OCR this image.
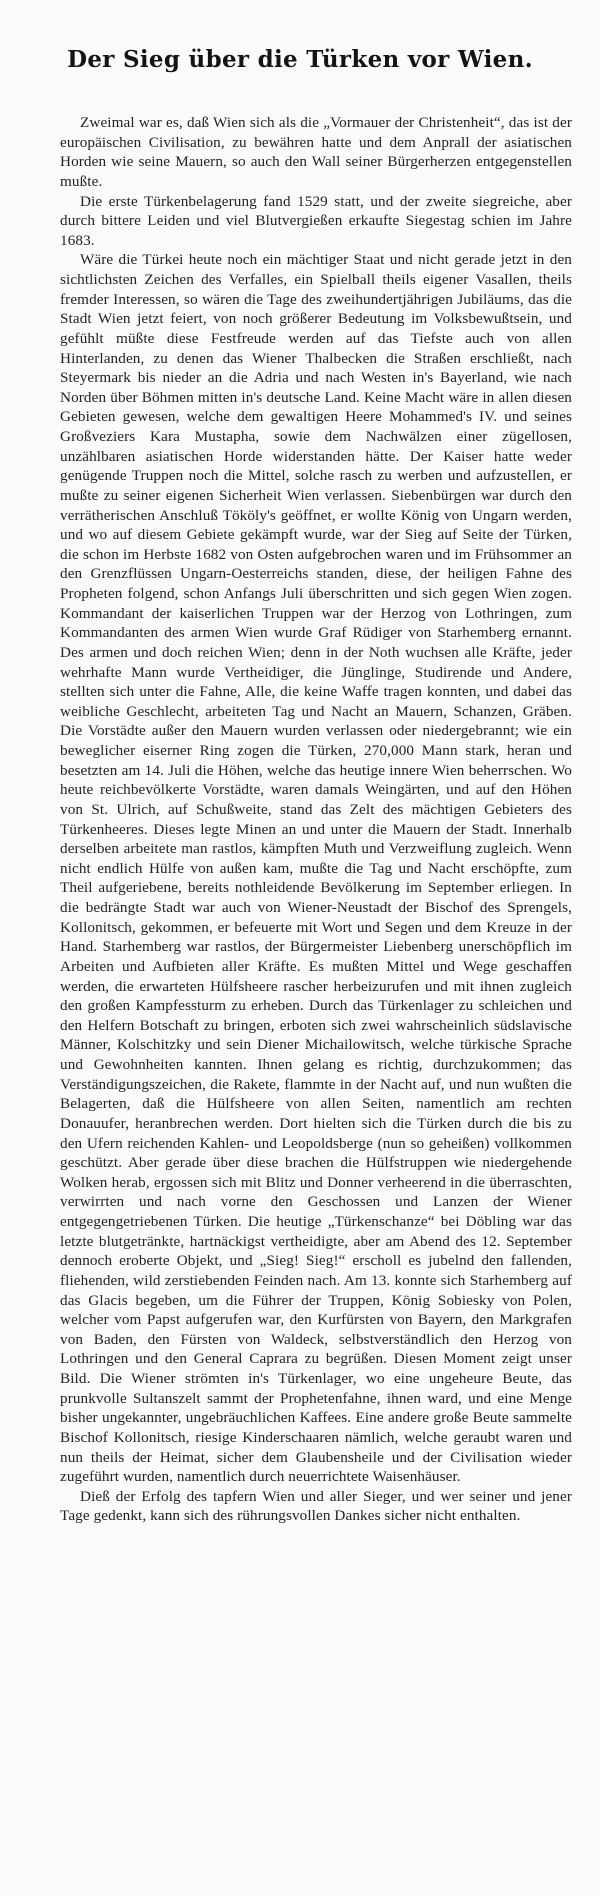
Der Sieg über die Türken vor Wien.

Zweimal war es, daß Wien sich als die „Vormauer der Christenheit“, das ist der europäischen Civilisation, zu bewähren hatte und dem Anprall der asiatischen Horden wie seine Mauern, so auch den Wall seiner Bürgerherzen entgegenstellen mußte.

Die erste Türkenbelagerung fand 1529 statt, und der zweite siegreiche, aber durch bittere Leiden und viel Blutvergießen erkaufte Siegestag schien im Jahre 1683.

Wäre die Türkei heute noch ein mächtiger Staat und nicht gerade jetzt in den sichtlichsten Zeichen des Verfalles, ein Spielball theils eigener Vasallen, theils fremder Interessen, so wären die Tage des zweihundertjährigen Jubiläums, das die Stadt Wien jetzt feiert, von noch größerer Bedeutung im Volksbewußtsein, und gefühlt müßte diese Festfreude werden auf das Tiefste auch von allen Hinterlanden, zu denen das Wiener Thalbecken die Straßen erschließt, nach Steyermark bis nieder an die Adria und nach Westen in's Bayerland, wie nach Norden über Böhmen mitten in's deutsche Land. Keine Macht wäre in allen diesen Gebieten gewesen, welche dem gewaltigen Heere Mohammed's IV. und seines Großveziers Kara Mustapha, sowie dem Nachwälzen einer zügellosen, unzählbaren asiatischen Horde widerstanden hätte. Der Kaiser hatte weder genügende Truppen noch die Mittel, solche rasch zu werben und aufzustellen, er mußte zu seiner eigenen Sicherheit Wien verlassen. Siebenbürgen war durch den verrätherischen Anschluß Tököly's geöffnet, er wollte König von Ungarn werden, und wo auf diesem Gebiete gekämpft wurde, war der Sieg auf Seite der Türken, die schon im Herbste 1682 von Osten aufgebrochen waren und im Frühsommer an den Grenzflüssen Ungarn-Oesterreichs standen, diese, der heiligen Fahne des Propheten folgend, schon Anfangs Juli überschritten und sich gegen Wien zogen. Kommandant der kaiserlichen Truppen war der Herzog von Lothringen, zum Kommandanten des armen Wien wurde Graf Rüdiger von Starhemberg ernannt. Des armen und doch reichen Wien; denn in der Noth wuchsen alle Kräfte, jeder wehrhafte Mann wurde Vertheidiger, die Jünglinge, Studirende und Andere, stellten sich unter die Fahne, Alle, die keine Waffe tragen konnten, und dabei das weibliche Geschlecht, arbeiteten Tag und Nacht an Mauern, Schanzen, Gräben. Die Vorstädte außer den Mauern wurden verlassen oder niedergebrannt; wie ein beweglicher eiserner Ring zogen die Türken, 270,000 Mann stark, heran und besetzten am 14. Juli die Höhen, welche das heutige innere Wien beherrschen. Wo heute reichbevölkerte Vorstädte, waren damals Weingärten, und auf den Höhen von St. Ulrich, auf Schußweite, stand das Zelt des mächtigen Gebieters des Türkenheeres. Dieses legte Minen an und unter die Mauern der Stadt. Innerhalb derselben arbeitete man rastlos, kämpften Muth und Verzweiflung zugleich. Wenn nicht endlich Hülfe von außen kam, mußte die Tag und Nacht erschöpfte, zum Theil aufgeriebene, bereits nothleidende Bevölkerung im September erliegen. In die bedrängte Stadt war auch von Wiener-Neustadt der Bischof des Sprengels, Kollonitsch, gekommen, er befeuerte mit Wort und Segen und dem Kreuze in der Hand. Starhemberg war rastlos, der Bürgermeister Liebenberg unerschöpflich im Arbeiten und Aufbieten aller Kräfte. Es mußten Mittel und Wege geschaffen werden, die erwarteten Hülfsheere rascher herbeizurufen und mit ihnen zugleich den großen Kampfessturm zu erheben. Durch das Türkenlager zu schleichen und den Helfern Botschaft zu bringen, erboten sich zwei wahrscheinlich südslavische Männer, Kolschitzky und sein Diener Michailowitsch, welche türkische Sprache und Gewohnheiten kannten. Ihnen gelang es richtig, durchzukommen; das Verständigungszeichen, die Rakete, flammte in der Nacht auf, und nun wußten die Belagerten, daß die Hülfsheere von allen Seiten, namentlich am rechten Donauufer, heranbrechen werden. Dort hielten sich die Türken durch die bis zu den Ufern reichenden Kahlen- und Leopoldsberge (nun so geheißen) vollkommen geschützt. Aber gerade über diese brachen die Hülfstruppen wie niedergehende Wolken herab, ergossen sich mit Blitz und Donner verheerend in die überraschten, verwirrten und nach vorne den Geschossen und Lanzen der Wiener entgegengetriebenen Türken. Die heutige „Türkenschanze“ bei Döbling war das letzte blutgetränkte, hartnäckigst vertheidigte, aber am Abend des 12. September dennoch eroberte Objekt, und „Sieg! Sieg!“ erscholl es jubelnd den fallenden, fliehenden, wild zerstiebenden Feinden nach. Am 13. konnte sich Starhemberg auf das Glacis begeben, um die Führer der Truppen, König Sobiesky von Polen, welcher vom Papst aufgerufen war, den Kurfürsten von Bayern, den Markgrafen von Baden, den Fürsten von Waldeck, selbstverständlich den Herzog von Lothringen und den General Caprara zu begrüßen. Diesen Moment zeigt unser Bild. Die Wiener strömten in's Türkenlager, wo eine ungeheure Beute, das prunkvolle Sultanszelt sammt der Prophetenfahne, ihnen ward, und eine Menge bisher ungekannter, ungebräuchlichen Kaffees. Eine andere große Beute sammelte Bischof Kollonitsch, riesige Kinderschaaren nämlich, welche geraubt waren und nun theils der Heimat, sicher dem Glaubensheile und der Civilisation wieder zugeführt wurden, namentlich durch neuerrichtete Waisenhäuser.

Dieß der Erfolg des tapfern Wien und aller Sieger, und wer seiner und jener Tage gedenkt, kann sich des rührungsvollen Dankes sicher nicht enthalten.
